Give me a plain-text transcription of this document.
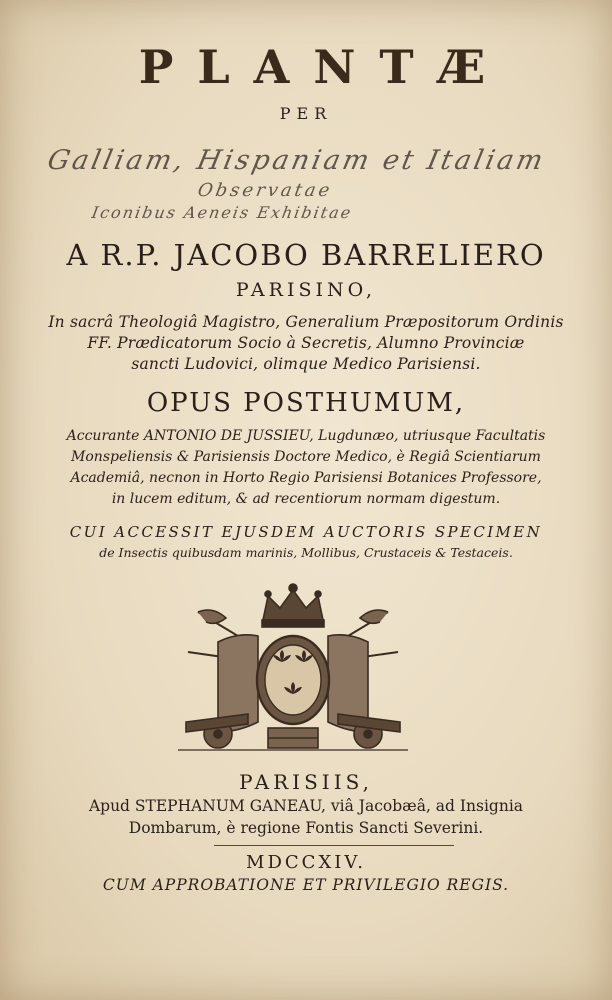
PLANTÆ
PER
Galliam, Hispaniam et Italiam
Observatae
Iconibus Aeneis Exhibitae
A R.P. JACOBO BARRELIERO
PARISINO,
In sacrâ Theologiâ Magistro, Generalium Præpositorum Ordinis
FF. Prædicatorum Socio à Secretis, Alumno Provinciæ
sancti Ludovici, olimque Medico Parisiensi.
OPUS POSTHUMUM,
Accurante ANTONIO DE JUSSIEU, Lugdunæo, utriusque Facultatis
Monspeliensis & Parisiensis Doctore Medico, è Regiâ Scientiarum
Academiâ, necnon in Horto Regio Parisiensi Botanices Professore,
in lucem editum, & ad recentiorum normam digestum.
CUI ACCESSIT EJUSDEM AUCTORIS SPECIMEN
de Insectis quibusdam marinis, Mollibus, Crustaceis & Testaceis.
PARISIIS,
Apud STEPHANUM GANEAU, viâ Jacobæâ, ad Insignia
Dombarum, è regione Fontis Sancti Severini.
MDCCXIV.
CUM APPROBATIONE ET PRIVILEGIO REGIS.
